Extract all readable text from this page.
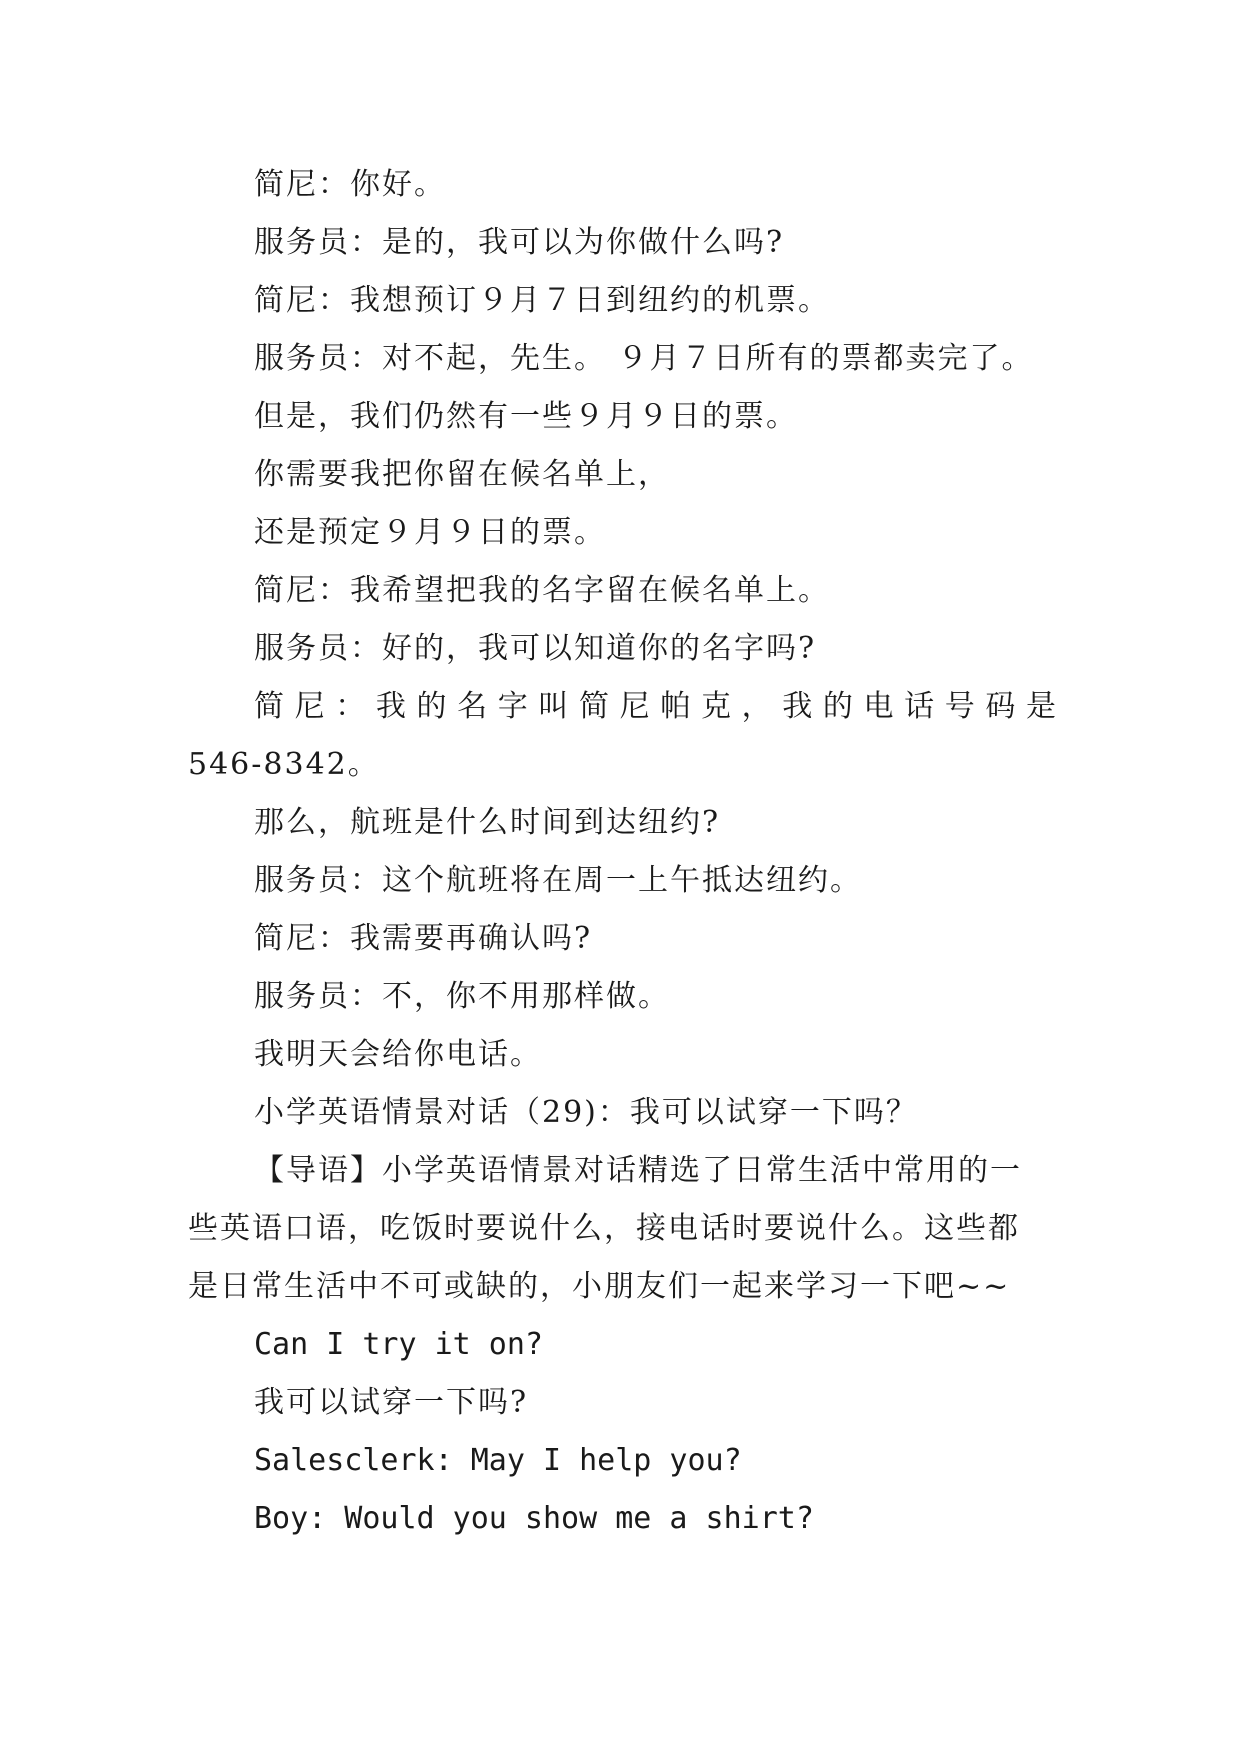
简尼：你好。
服务员：是的，我可以为你做什么吗?
简尼：我想预订９月７日到纽约的机票。
服务员：对不起，先生。 ９月７日所有的票都卖完了。
但是，我们仍然有一些９月９日的票。
你需要我把你留在候名单上，
还是预定９月９日的票。
简尼：我希望把我的名字留在候名单上。
服务员：好的，我可以知道你的名字吗?
简尼：我的名字叫简尼帕克，我的电话号码是
546-8342。
那么，航班是什么时间到达纽约?
服务员：这个航班将在周一上午抵达纽约。
简尼：我需要再确认吗?
服务员：不，你不用那样做。
我明天会给你电话。
小学英语情景对话（29)：我可以试穿一下吗？
【导语】小学英语情景对话精选了日常生活中常用的一
些英语口语，吃饭时要说什么，接电话时要说什么。这些都
是日常生活中不可或缺的，小朋友们一起来学习一下吧~~
Can I try it on?
我可以试穿一下吗?
Salesclerk: May I help you?
Boy: Would you show me a shirt?
